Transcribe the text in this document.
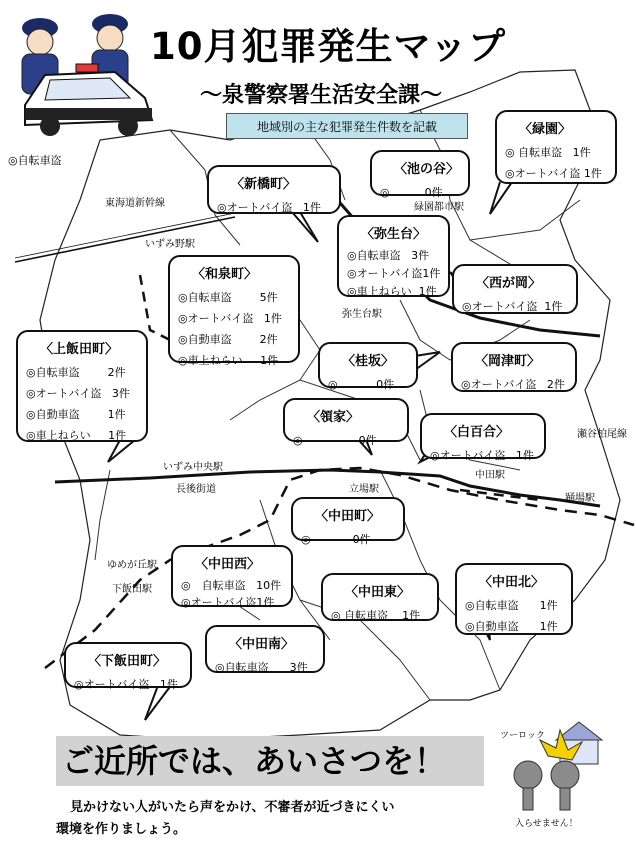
10月犯罪発生マップ
～泉警察署生活安全課～
地域別の主な犯罪発生件数を記載
◎自転車盗
東海道新幹線
いずみ野駅
緑園都市駅
弥生台駅
いずみ中央駅
長後街道	立場駅
中田駅
踊場駅
瀬谷柏尾線
ゆめが丘駅
下飯田駅
〈緑園〉
◎ 自転車盗 1件
◎オートバイ盗 1件
〈池の谷〉
◎	0件
〈新橋町〉
◎オートバイ盗 1件
〈弥生台〉
◎自転車盗 3件
◎オートバイ盗1件
◎車上ねらい 1件
〈和泉町〉
◎自転車盗	5件
◎オートバイ盗 1件
◎自動車盗	2件
◎車上ねらい 1件
〈西が岡〉
◎オートバイ盗 1件
〈上飯田町〉
◎自転車盗	2件
◎オートバイ盗 3件
◎自動車盗	1件
◎車上ねらい 1件
〈桂坂〉
◎	0件
〈岡津町〉
◎オートバイ盗 2件
〈領家〉
◎	0件
〈白百合〉
◎オートバイ盗 1件
〈中田町〉
◎	0件
〈中田西〉
◎　自転車盗 10件
◎オートバイ盗1件
〈中田東〉
◎ 自転車盗 1件
〈中田北〉
◎自転車盗 1件
◎自動車盗 1件
〈中田南〉
◎自転車盗 3件
〈下飯田町〉
◎オートバイ盗 1件
ご近所では、あいさつを！
見かけない人がいたら声をかけ、不審者が近づきにくい
環境を作りましょう。
ツーロック
入らせません！
